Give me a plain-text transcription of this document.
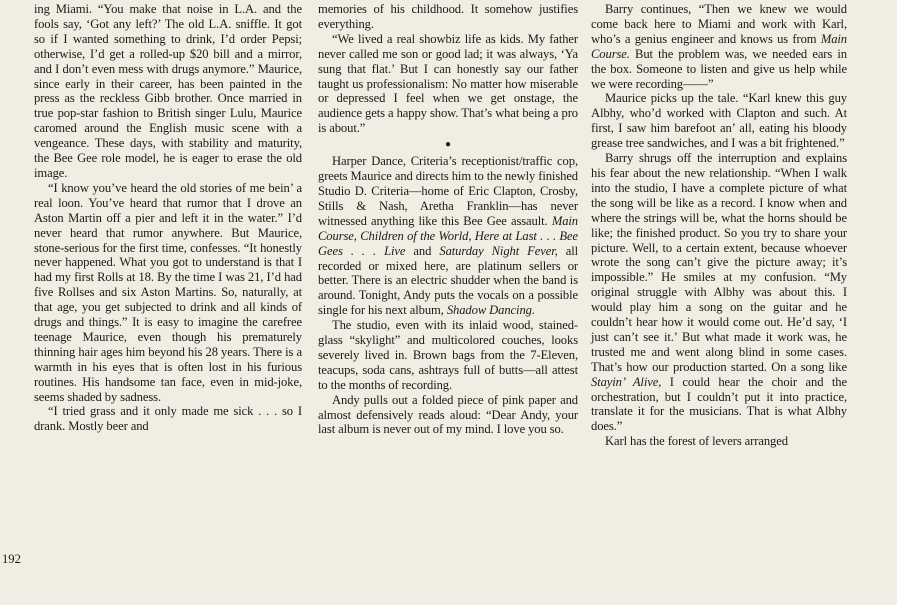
192

ing Miami. “You make that noise in L.A. and the fools say, ‘Got any left?’ The old L.A. sniffle. It got so if I wanted something to drink, I’d order Pepsi; otherwise, I’d get a rolled-up $20 bill and a mirror, and I don’t even mess with drugs anymore.” Maurice, since early in their career, has been painted in the press as the reckless Gibb brother. Once married in true pop-star fashion to British singer Lulu, Maurice caromed around the English music scene with a vengeance. These days, with stability and maturity, the Bee Gee role model, he is eager to erase the old image.

“I know you’ve heard the old stories of me bein’ a real loon. You’ve heard that rumor that I drove an Aston Martin off a pier and left it in the water.” I’d never heard that rumor anywhere. But Maurice, stone-serious for the first time, confesses. “It honestly never happened. What you got to understand is that I had my first Rolls at 18. By the time I was 21, I’d had five Rollses and six Aston Martins. So, naturally, at that age, you get subjected to drink and all kinds of drugs and things.” It is easy to imagine the carefree teenage Maurice, even though his prematurely thinning hair ages him beyond his 28 years. There is a warmth in his eyes that is often lost in his furious routines. His handsome tan face, even in mid-joke, seems shaded by sadness.

“I tried grass and it only made me sick . . . so I drank. Mostly beer and

memories of his childhood. It somehow justifies everything.

“We lived a real showbiz life as kids. My father never called me son or good lad; it was always, ‘Ya sung that flat.’ But I can honestly say our father taught us professionalism: No matter how miserable or depressed I feel when we get onstage, the audience gets a happy show. That’s what being a pro is about.”

●

Harper Dance, Criteria’s receptionist/traffic cop, greets Maurice and directs him to the newly finished Studio D. Criteria—home of Eric Clapton, Crosby, Stills & Nash, Aretha Franklin—has never witnessed anything like this Bee Gee assault. Main Course, Children of the World, Here at Last . . . Bee Gees . . . Live and Saturday Night Fever, all recorded or mixed here, are platinum sellers or better. There is an electric shudder when the band is around. Tonight, Andy puts the vocals on a possible single for his next album, Shadow Dancing.

The studio, even with its inlaid wood, stained-glass “skylight” and multicolored couches, looks severely lived in. Brown bags from the 7-Eleven, teacups, soda cans, ashtrays full of butts—all attest to the months of recording.

Andy pulls out a folded piece of pink paper and almost defensively reads aloud: “Dear Andy, your last album is never out of my mind. I love you so.

Barry continues, “Then we knew we would come back here to Miami and work with Karl, who’s a genius engineer and knows us from Main Course. But the problem was, we needed ears in the box. Someone to listen and give us help while we were recording——”

Maurice picks up the tale. “Karl knew this guy Albhy, who’d worked with Clapton and such. At first, I saw him barefoot an’ all, eating his bloody grease tree sandwiches, and I was a bit frightened.”

Barry shrugs off the interruption and explains his fear about the new relationship. “When I walk into the studio, I have a complete picture of what the song will be like as a record. I know when and where the strings will be, what the horns should be like; the finished product. So you try to share your picture. Well, to a certain extent, because whoever wrote the song can’t give the picture away; it’s impossible.” He smiles at my confusion. “My original struggle with Albhy was about this. I would play him a song on the guitar and he couldn’t hear how it would come out. He’d say, ‘I just can’t see it.’ But what made it work was, he trusted me and went along blind in some cases. That’s how our production started. On a song like Stayin’ Alive, I could hear the choir and the orchestration, but I couldn’t put it into practice, translate it for the musicians. That is what Albhy does.”

Karl has the forest of levers arranged
